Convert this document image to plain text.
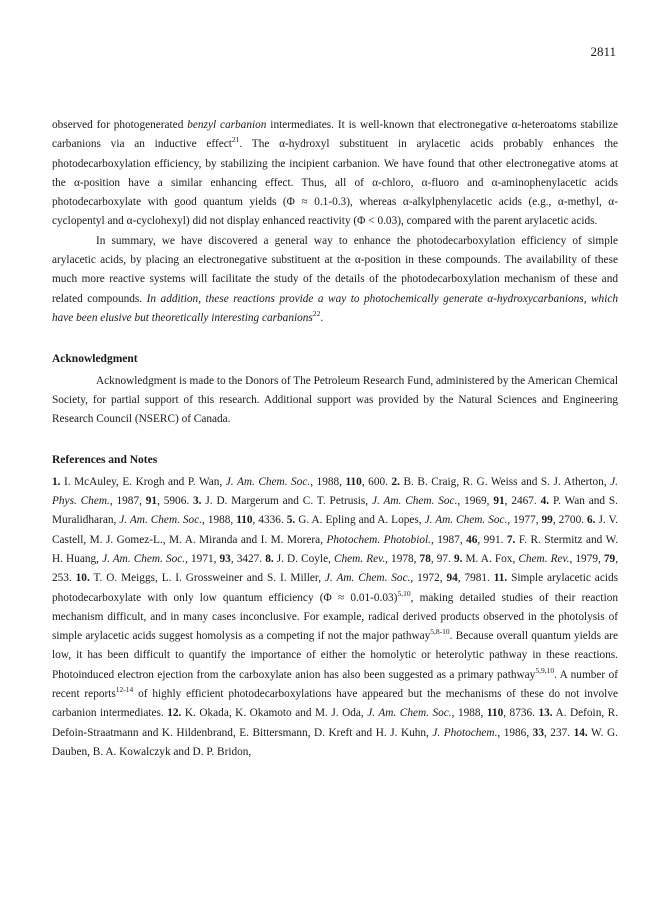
2811

observed for photogenerated benzyl carbanion intermediates. It is well-known that electronegative α-heteroatoms stabilize carbanions via an inductive effect$^{21}$. The α-hydroxyl substituent in arylacetic acids probably enhances the photodecarboxylation efficiency, by stabilizing the incipient carbanion. We have found that other electronegative atoms at the α-position have a similar enhancing effect. Thus, all of α-chloro, α-fluoro and α-aminophenylacetic acids photodecarboxylate with good quantum yields (Φ ≈ 0.1-0.3), whereas α-alkylphenylacetic acids (e.g., α-methyl, α-cyclopentyl and α-cyclohexyl) did not display enhanced reactivity (Φ < 0.03), compared with the parent arylacetic acids.

In summary, we have discovered a general way to enhance the photodecarboxylation efficiency of simple arylacetic acids, by placing an electronegative substituent at the α-position in these compounds. The availability of these much more reactive systems will facilitate the study of the details of the photodecarboxylation mechanism of these and related compounds. In addition, these reactions provide a way to photochemically generate α-hydroxycarbanions, which have been elusive but theoretically interesting carbanions$^{22}$.

Acknowledgment

Acknowledgment is made to the Donors of The Petroleum Research Fund, administered by the American Chemical Society, for partial support of this research. Additional support was provided by the Natural Sciences and Engineering Research Council (NSERC) of Canada.

References and Notes

1. I. McAuley, E. Krogh and P. Wan, J. Am. Chem. Soc., 1988, 110, 600. 2. B. B. Craig, R. G. Weiss and S. J. Atherton, J. Phys. Chem., 1987, 91, 5906. 3. J. D. Margerum and C. T. Petrusis, J. Am. Chem. Soc., 1969, 91, 2467. 4. P. Wan and S. Muralidharan, J. Am. Chem. Soc., 1988, 110, 4336. 5. G. A. Epling and A. Lopes, J. Am. Chem. Soc., 1977, 99, 2700. 6. J. V. Castell, M. J. Gomez-L., M. A. Miranda and I. M. Morera, Photochem. Photobiol., 1987, 46, 991. 7. F. R. Stermitz and W. H. Huang, J. Am. Chem. Soc., 1971, 93, 3427. 8. J. D. Coyle, Chem. Rev., 1978, 78, 97. 9. M. A. Fox, Chem. Rev., 1979, 79, 253. 10. T. O. Meiggs, L. I. Grossweiner and S. I. Miller, J. Am. Chem. Soc., 1972, 94, 7981. 11. Simple arylacetic acids photodecarboxylate with only low quantum efficiency (Φ ≈ 0.01-0.03)$^{5,10}$, making detailed studies of their reaction mechanism difficult, and in many cases inconclusive. For example, radical derived products observed in the photolysis of simple arylacetic acids suggest homolysis as a competing if not the major pathway$^{5,8-10}$. Because overall quantum yields are low, it has been difficult to quantify the importance of either the homolytic or heterolytic pathway in these reactions. Photoinduced electron ejection from the carboxylate anion has also been suggested as a primary pathway$^{5,9,10}$. A number of recent reports$^{12-14}$ of highly efficient photodecarboxylations have appeared but the mechanisms of these do not involve carbanion intermediates. 12. K. Okada, K. Okamoto and M. J. Oda, J. Am. Chem. Soc., 1988, 110, 8736. 13. A. Defoin, R. Defoin-Straatmann and K. Hildenbrand, E. Bittersmann, D. Kreft and H. J. Kuhn, J. Photochem., 1986, 33, 237. 14. W. G. Dauben, B. A. Kowalczyk and D. P. Bridon,
